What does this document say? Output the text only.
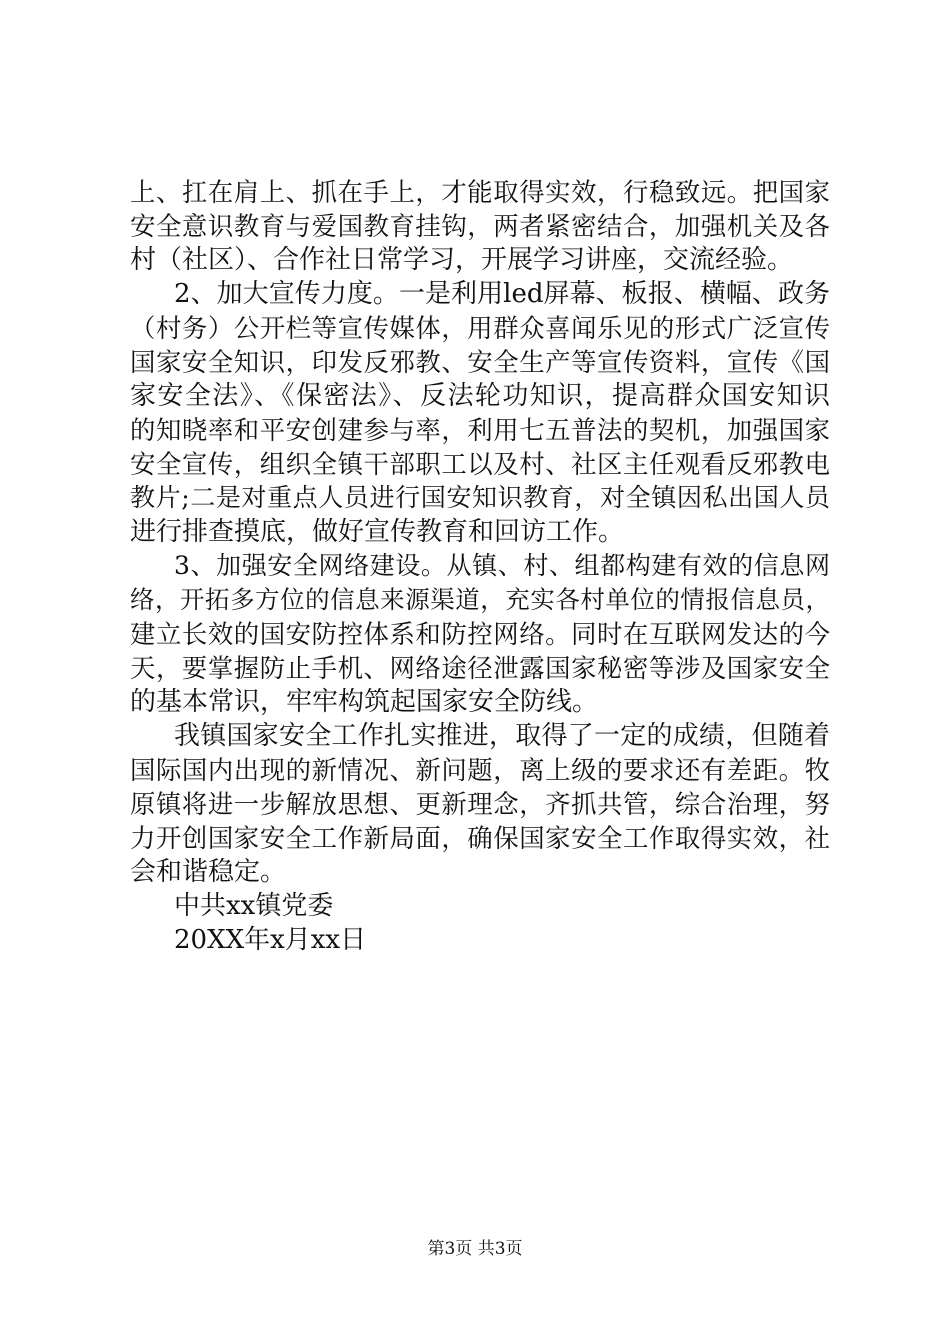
上、扛在肩上、抓在手上，才能取得实效，行稳致远。把国家
安全意识教育与爱国教育挂钩，两者紧密结合，加强机关及各
村（社区）、合作社日常学习，开展学习讲座，交流经验。
2、加大宣传力度。一是利用led屏幕、板报、横幅、政务
（村务）公开栏等宣传媒体，用群众喜闻乐见的形式广泛宣传
国家安全知识，印发反邪教、安全生产等宣传资料，宣传《国
家安全法》、《保密法》、反法轮功知识，提高群众国安知识
的知晓率和平安创建参与率，利用七五普法的契机，加强国家
安全宣传，组织全镇干部职工以及村、社区主任观看反邪教电
教片;二是对重点人员进行国安知识教育，对全镇因私出国人员
进行排查摸底，做好宣传教育和回访工作。
3、加强安全网络建设。从镇、村、组都构建有效的信息网
络，开拓多方位的信息来源渠道，充实各村单位的情报信息员，
建立长效的国安防控体系和防控网络。同时在互联网发达的今
天，要掌握防止手机、网络途径泄露国家秘密等涉及国家安全
的基本常识，牢牢构筑起国家安全防线。
我镇国家安全工作扎实推进，取得了一定的成绩，但随着
国际国内出现的新情况、新问题，离上级的要求还有差距。牧
原镇将进一步解放思想、更新理念，齐抓共管，综合治理，努
力开创国家安全工作新局面，确保国家安全工作取得实效，社
会和谐稳定。
中共xx镇党委
20XX年x月xx日
第3页 共3页
